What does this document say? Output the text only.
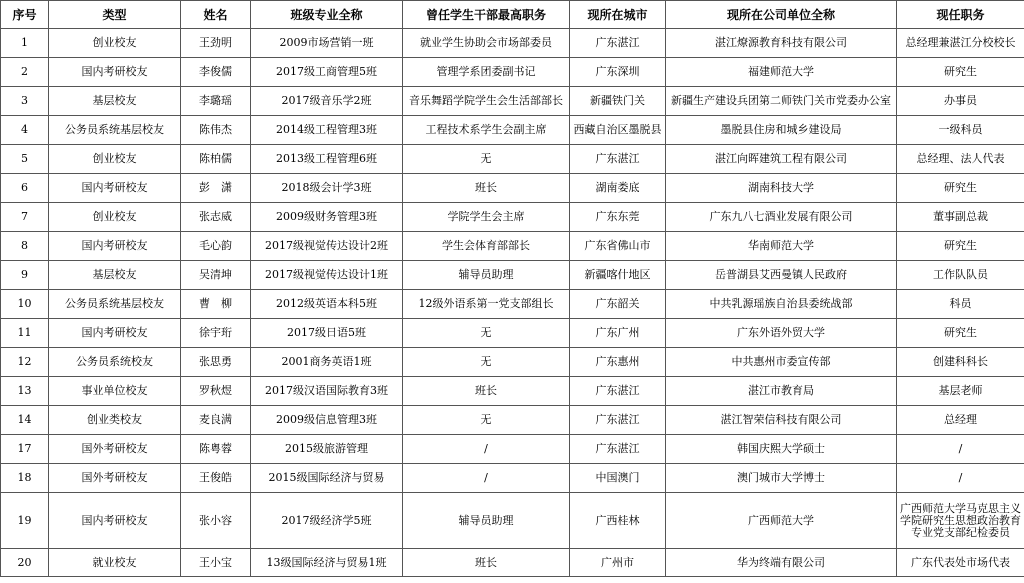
序号	类型	姓名	班级专业全称	曾任学生干部最高职务	现所在城市	现所在公司单位全称	现任职务
1	创业校友	王劲明	2009市场营销一班	就业学生协助会市场部委员	广东湛江	湛江燎源教育科技有限公司	总经理兼湛江分校校长
2	国内考研校友	李俊儒	2017级工商管理5班	管理学系团委副书记	广东深圳	福建师范大学	研究生
3	基层校友	李璐瑶	2017级音乐学2班	音乐舞蹈学院学生会生活部部长	新疆铁门关	新疆生产建设兵团第二师铁门关市党委办公室	办事员
4	公务员系统基层校友	陈伟杰	2014级工程管理3班	工程技术系学生会副主席	西藏自治区墨脱县	墨脱县住房和城乡建设局	一级科员
5	创业校友	陈柏儒	2013级工程管理6班	无	广东湛江	湛江向晖建筑工程有限公司	总经理、法人代表
6	国内考研校友	彭　潇	2018级会计学3班	班长	湖南娄底	湖南科技大学	研究生
7	创业校友	张志威	2009级财务管理3班	学院学生会主席	广东东莞	广东九八七酒业发展有限公司	董事副总裁
8	国内考研校友	毛心韵	2017级视觉传达设计2班	学生会体育部部长	广东省佛山市	华南师范大学	研究生
9	基层校友	吴清坤	2017级视觉传达设计1班	辅导员助理	新疆喀什地区	岳普湖县艾西曼镇人民政府	工作队队员
10	公务员系统基层校友	曹　柳	2012级英语本科5班	12级外语系第一党支部组长	广东韶关	中共乳源瑶族自治县委统战部	科员
11	国内考研校友	徐宇珩	2017级日语5班	无	广东广州	广东外语外贸大学	研究生
12	公务员系统校友	张思勇	2001商务英语1班	无	广东惠州	中共惠州市委宣传部	创建科科长
13	事业单位校友	罗秋煜	2017级汉语国际教育3班	班长	广东湛江	湛江市教育局	基层老师
14	创业类校友	麦良满	2009级信息管理3班	无	广东湛江	湛江智荣信科技有限公司	总经理
17	国外考研校友	陈粤蓉	2015级旅游管理	/	广东湛江	韩国庆熙大学硕士	/
18	国外考研校友	王俊皓	2015级国际经济与贸易	/	中国澳门	澳门城市大学博士	/
19	国内考研校友	张小容	2017级经济学5班	辅导员助理	广西桂林	广西师范大学	广西师范大学马克思主义学院研究生思想政治教育专业党支部纪检委员
20	就业校友	王小宝	13级国际经济与贸易1班	班长	广州市	华为终端有限公司	广东代表处市场代表
